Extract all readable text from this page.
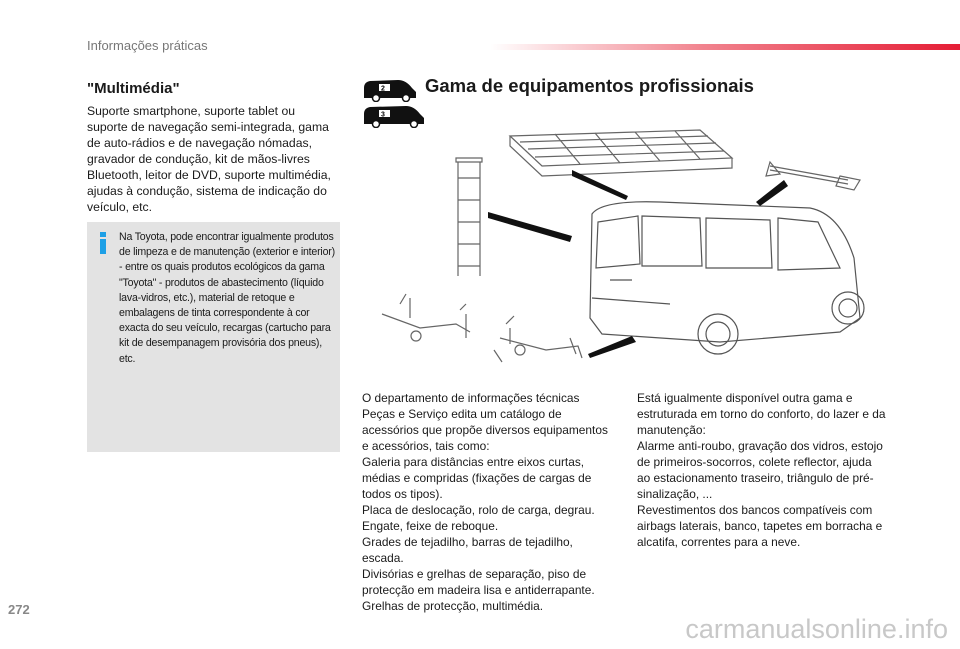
Informações práticas
"Multimédia"
Suporte smartphone, suporte tablet ou suporte de navegação semi-integrada, gama de auto-rádios e de navegação nómadas, gravador de condução, kit de mãos-livres Bluetooth, leitor de DVD, suporte multimédia, ajudas à condução, sistema de indicação do veículo, etc.
Na Toyota, pode encontrar igualmente produtos de limpeza e de manutenção (exterior e interior) - entre os quais produtos ecológicos da gama "Toyota" - produtos de abastecimento (líquido lava-vidros, etc.), material de retoque e embalagens de tinta correspondente à cor exacta do seu veículo, recargas (cartucho para kit de desempanagem provisória dos pneus), etc.
2
3
Gama de equipamentos profissionais
O departamento de informações técnicas
Peças e Serviço edita um catálogo de
acessórios que propõe diversos equipamentos
e acessórios, tais como:
Galeria para distâncias entre eixos curtas,
médias e compridas (fixações de cargas de
todos os tipos).
Placa de deslocação, rolo de carga, degrau.
Engate, feixe de reboque.
Grades de tejadilho, barras de tejadilho,
escada.
Divisórias e grelhas de separação, piso de
protecção em madeira lisa e antiderrapante.
Grelhas de protecção, multimédia.
Está igualmente disponível outra gama e
estruturada em torno do conforto, do lazer e da
manutenção:
Alarme anti-roubo, gravação dos vidros, estojo
de primeiros-socorros, colete reflector, ajuda
ao estacionamento traseiro, triângulo de pré-
sinalização, ...
Revestimentos dos bancos compatíveis com
airbags laterais, banco, tapetes em borracha e
alcatifa, correntes para a neve.
272
carmanualsonline.info
